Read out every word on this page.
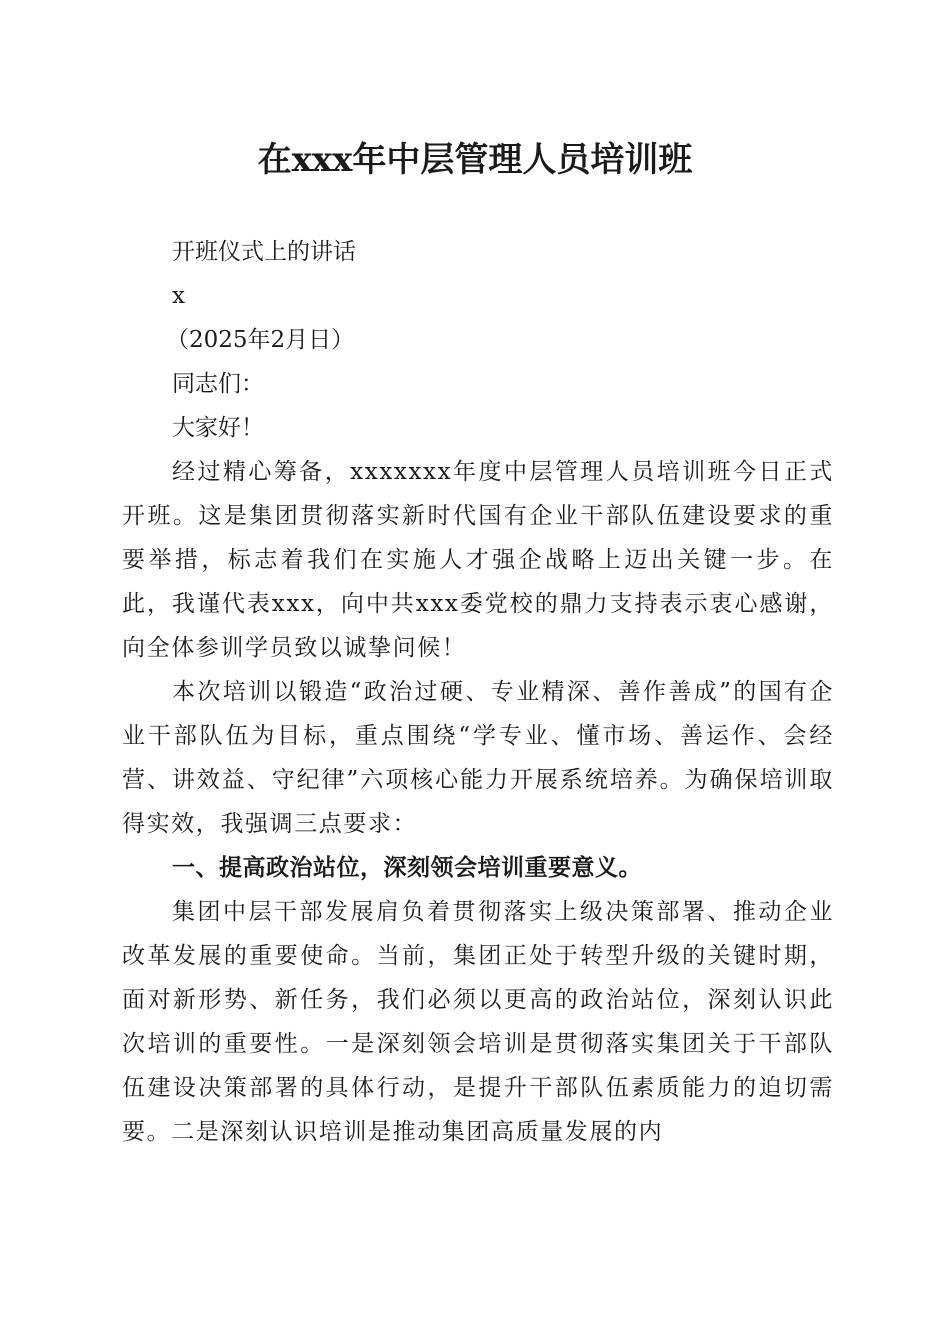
在xxx年中层管理人员培训班

开班仪式上的讲话

x

（2025年2月日）

同志们：

大家好！

经过精心筹备，xxxxxxx年度中层管理人员培训班今日正式开班。这是集团贯彻落实新时代国有企业干部队伍建设要求的重要举措，标志着我们在实施人才强企战略上迈出关键一步。在此，我谨代表xxx，向中共xxx委党校的鼎力支持表示衷心感谢，向全体参训学员致以诚挚问候！

本次培训以锻造“政治过硬、专业精深、善作善成”的国有企业干部队伍为目标，重点围绕“学专业、懂市场、善运作、会经营、讲效益、守纪律”六项核心能力开展系统培养。为确保培训取得实效，我强调三点要求：

一、提高政治站位，深刻领会培训重要意义。

集团中层干部发展肩负着贯彻落实上级决策部署、推动企业改革发展的重要使命。当前，集团正处于转型升级的关键时期，面对新形势、新任务，我们必须以更高的政治站位，深刻认识此次培训的重要性。一是深刻领会培训是贯彻落实集团关于干部队伍建设决策部署的具体行动，是提升干部队伍素质能力的迫切需要。二是深刻认识培训是推动集团高质量发展的内
